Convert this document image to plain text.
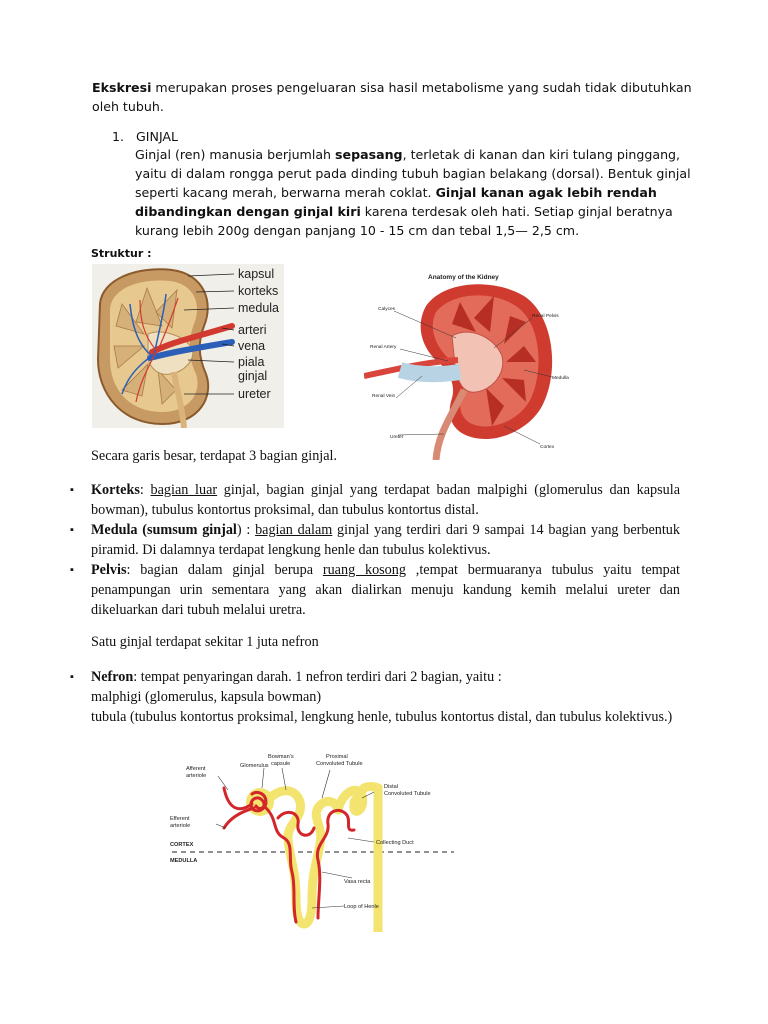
Ekskresi merupakan proses pengeluaran sisa hasil metabolisme yang sudah tidak dibutuhkan oleh tubuh.

1. GINJAL

Ginjal (ren) manusia berjumlah sepasang, terletak di kanan dan kiri tulang pinggang, yaitu di dalam rongga perut pada dinding tubuh bagian belakang (dorsal). Bentuk ginjal seperti kacang merah, berwarna merah coklat. Ginjal kanan agak lebih rendah dibandingkan dengan ginjal kiri karena terdesak oleh hati. Setiap ginjal beratnya kurang lebih 200g dengan panjang 10 - 15 cm dan tebal 1,5— 2,5 cm.

Struktur :
kapsul
korteks
medula
arteri
vena
piala
ginjal
ureter
Anatomy of the Kidney
Calyces
Renal Pelvis
Renal Artery
Medulla
Renal Vein
Ureter
Cortex
Secara garis besar, terdapat 3 bagian ginjal.
▪ Korteks: bagian luar ginjal, bagian ginjal yang terdapat badan malpighi (glomerulus dan kapsula bowman), tubulus kontortus proksimal, dan tubulus kontortus distal.
▪ Medula (sumsum ginjal) : bagian dalam ginjal yang terdiri dari 9 sampai 14 bagian yang berbentuk piramid. Di dalamnya terdapat lengkung henle dan tubulus kolektivus.
▪ Pelvis: bagian dalam ginjal berupa ruang kosong ,tempat bermuaranya tubulus yaitu tempat penampungan urin sementara yang akan dialirkan menuju kandung kemih melalui ureter dan dikeluarkan dari tubuh melalui uretra.
Satu ginjal terdapat sekitar 1 juta nefron
▪ Nefron: tempat penyaringan darah. 1 nefron terdiri dari 2 bagian, yaitu :
malphigi (glomerulus, kapsula bowman)
tubula (tubulus kontortus proksimal, lengkung henle, tubulus kontortus distal, dan tubulus kolektivus.)
Bowman's
capsule
Glomerulus
Proximal
Convoluted Tubule
Afferent
arteriole
Distal
Convoluted Tubule
Efferent
arteriole
Collecting Duct
CORTEX
MEDULLA
Vasa recta
Loop of Henle
